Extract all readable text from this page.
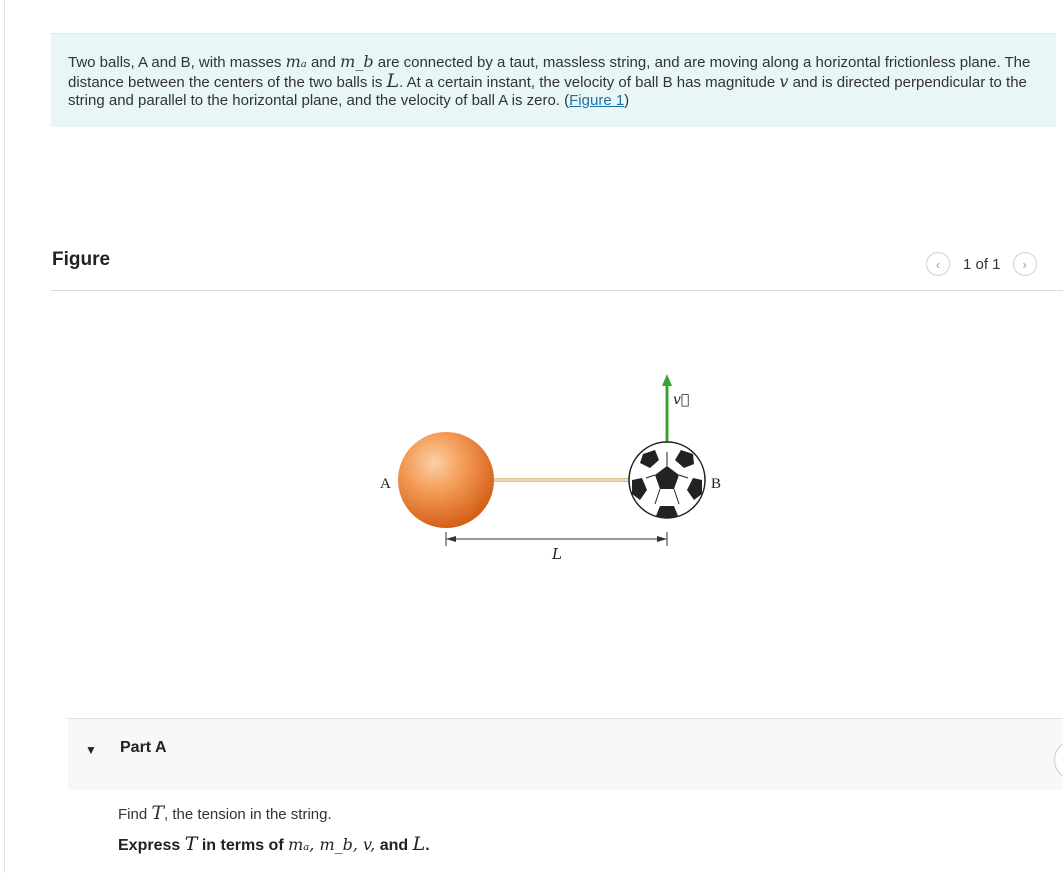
Two balls, A and B, with masses mₐ and m_b are connected by a taut, massless string, and are moving along a horizontal frictionless plane. The distance between the centers of the two balls is L. At a certain instant, the velocity of ball B has magnitude v and is directed perpendicular to the string and parallel to the horizontal plane, and the velocity of ball A is zero. (Figure 1)
Figure	‹ 1 of 1 ›
A
v⃗
B
L
▼ Part A
Find T, the tension in the string.
Express T in terms of mₐ, m_b, v, and L.
